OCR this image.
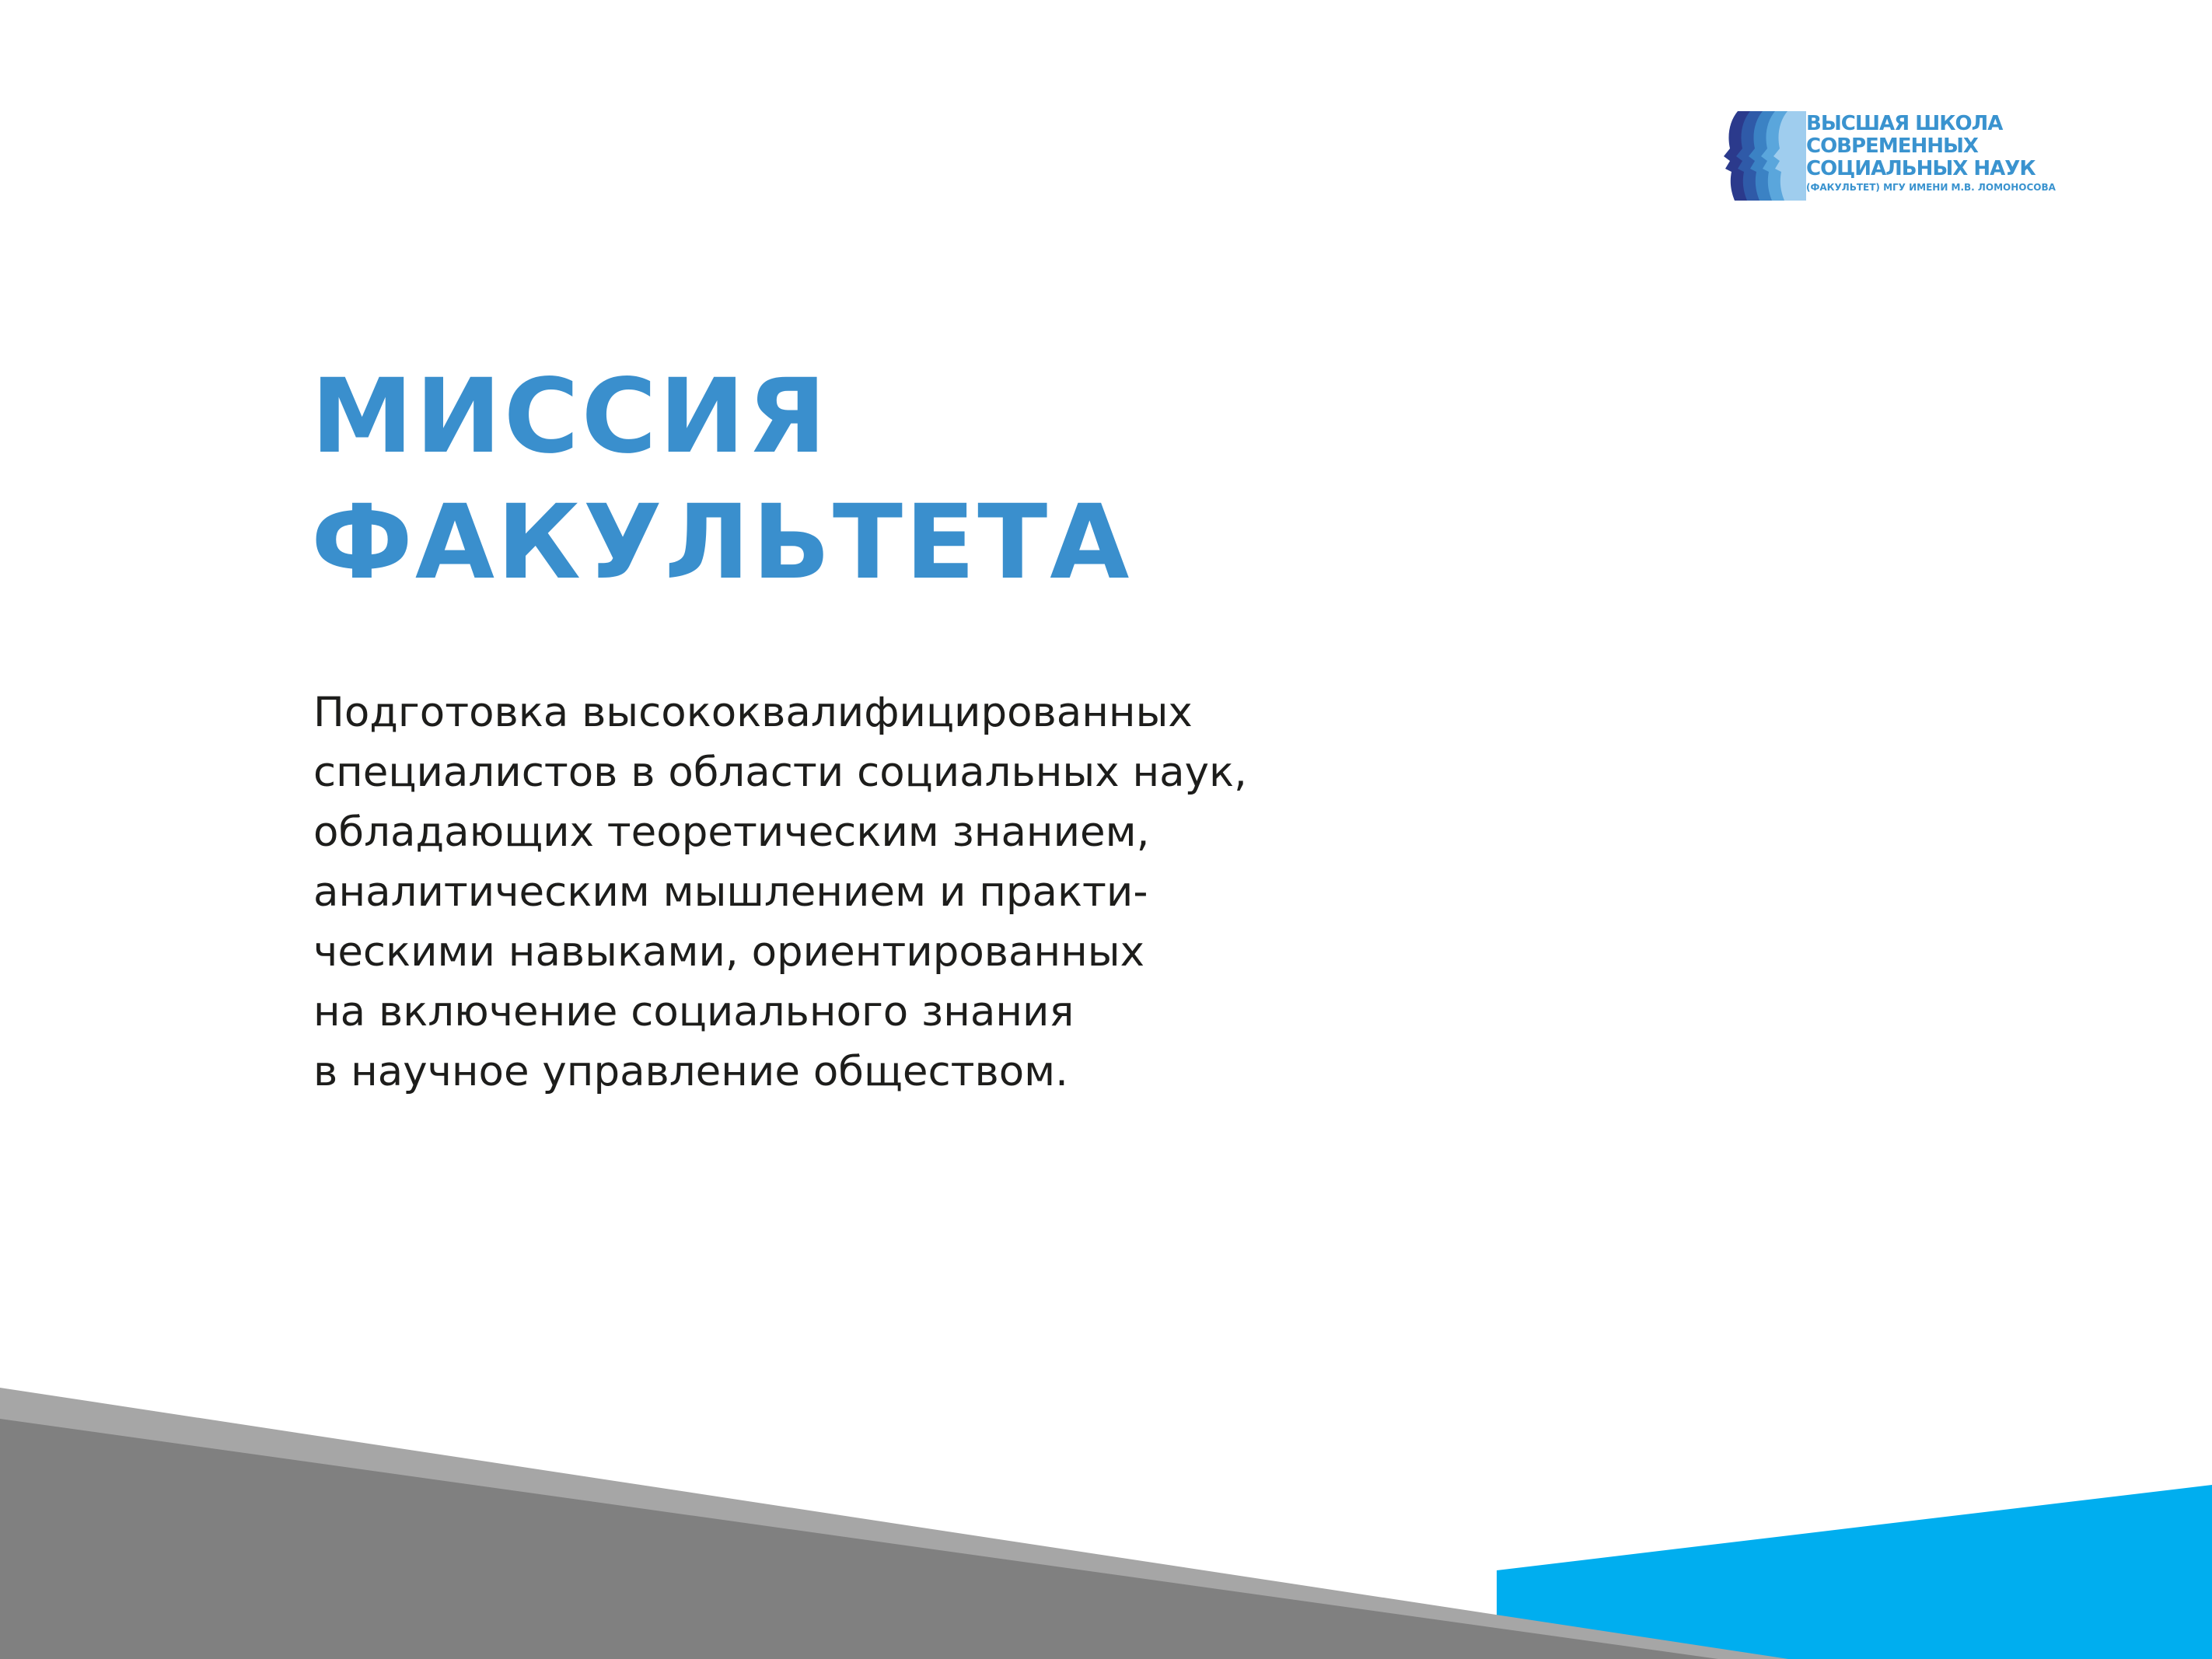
ВЫСШАЯ ШКОЛА
СОВРЕМЕННЫХ
СОЦИАЛЬНЫХ НАУК
(ФАКУЛЬТЕТ) МГУ ИМЕНИ М.В. ЛОМОНОСОВА
МИССИЯ
ФАКУЛЬТЕТА

Подготовка высококвалифицированных
специалистов в области социальных наук,
обладающих теоретическим знанием,
аналитическим мышлением и практи-
ческими навыками, ориентированных
на включение социального знания
в научное управление обществом.
